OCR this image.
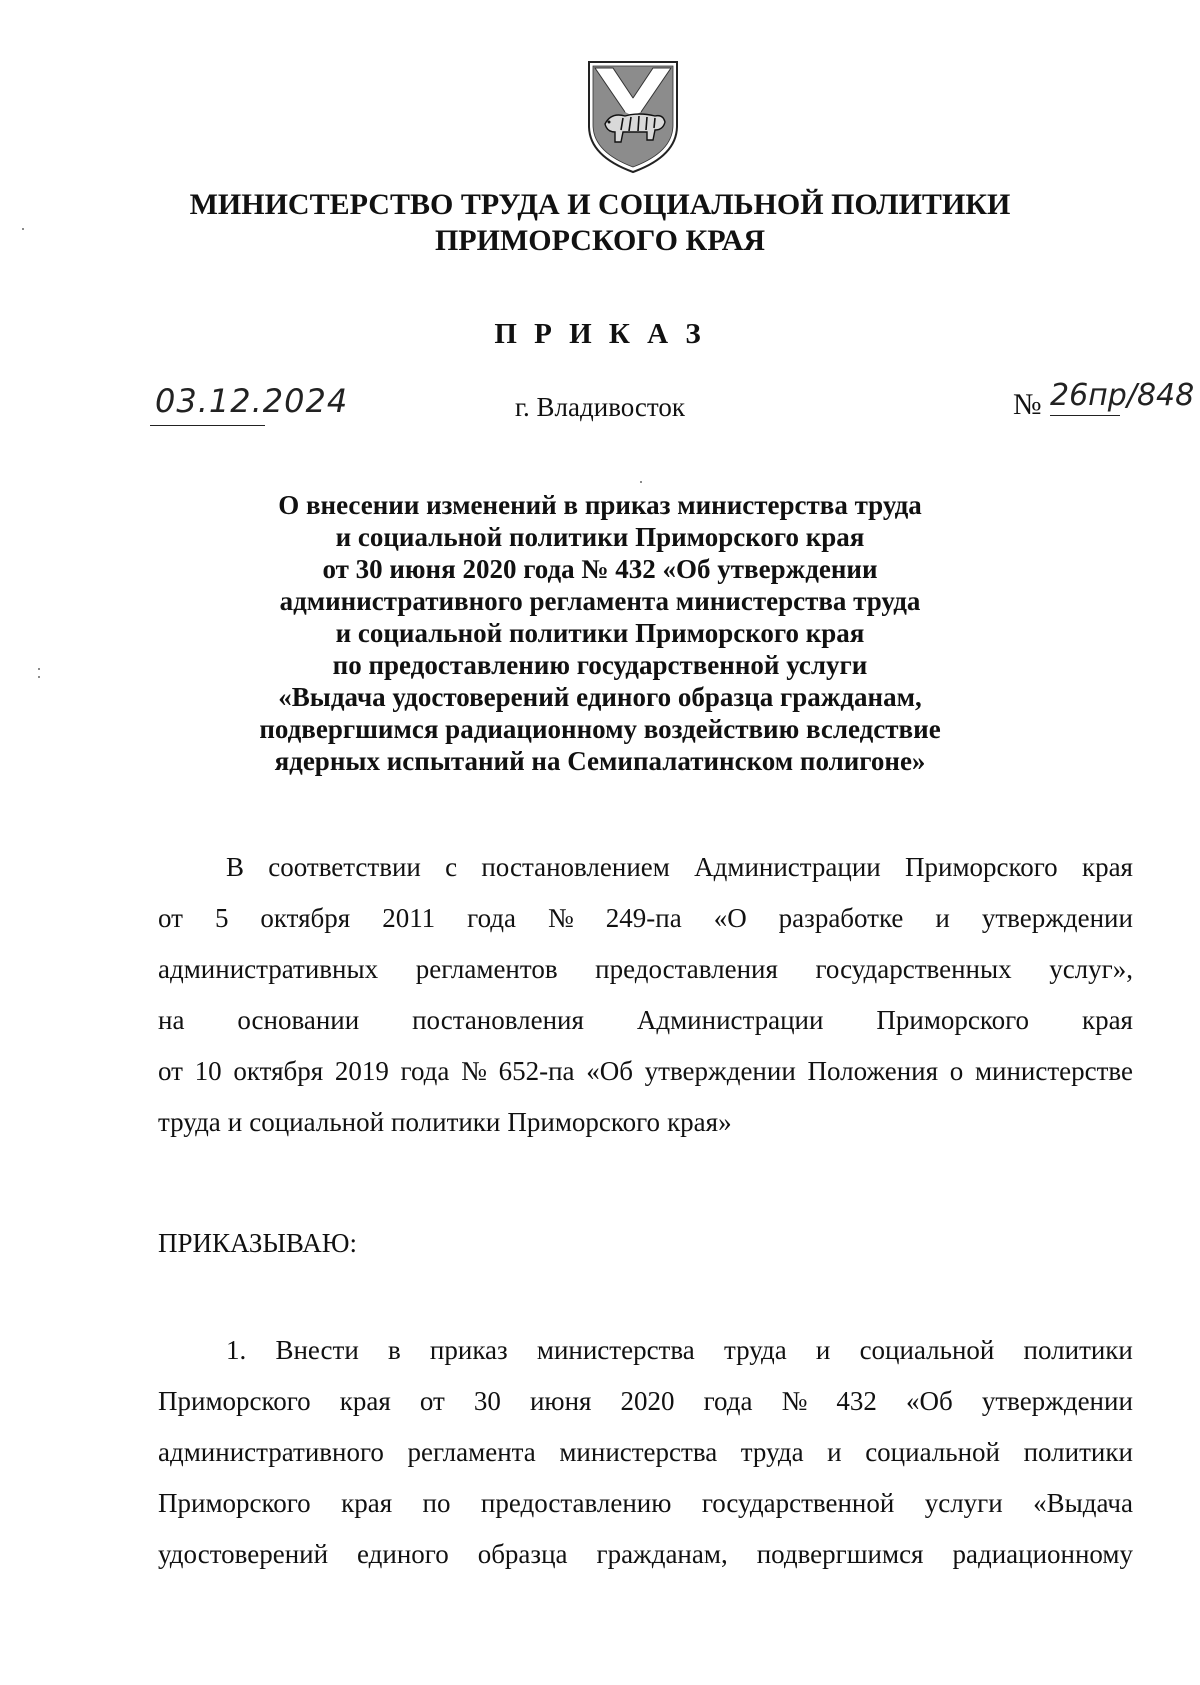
МИНИСТЕРСТВО ТРУДА И СОЦИАЛЬНОЙ ПОЛИТИКИ
ПРИМОРСКОГО КРАЯ
П Р И К А З
03.12.2024	г. Владивосток	№ 26пр/848
О внесении изменений в приказ министерства труда
и социальной политики Приморского края
от 30 июня 2020 года № 432 «Об утверждении
административного регламента министерства труда
и социальной политики Приморского края
по предоставлению государственной услуги
«Выдача удостоверений единого образца гражданам,
подвергшимся радиационному воздействию вследствие
ядерных испытаний на Семипалатинском полигоне»
В соответствии с постановлением Администрации Приморского края
от 5 октября 2011 года № 249-па «О разработке и утверждении
административных регламентов предоставления государственных услуг»,
на основании постановления Администрации Приморского края
от 10 октября 2019 года № 652-па «Об утверждении Положения о министерстве
труда и социальной политики Приморского края»
ПРИКАЗЫВАЮ:
1. Внести в приказ министерства труда и социальной политики
Приморского края от 30 июня 2020 года № 432 «Об утверждении
административного регламента министерства труда и социальной политики
Приморского края по предоставлению государственной услуги «Выдача
удостоверений единого образца гражданам, подвергшимся радиационному
